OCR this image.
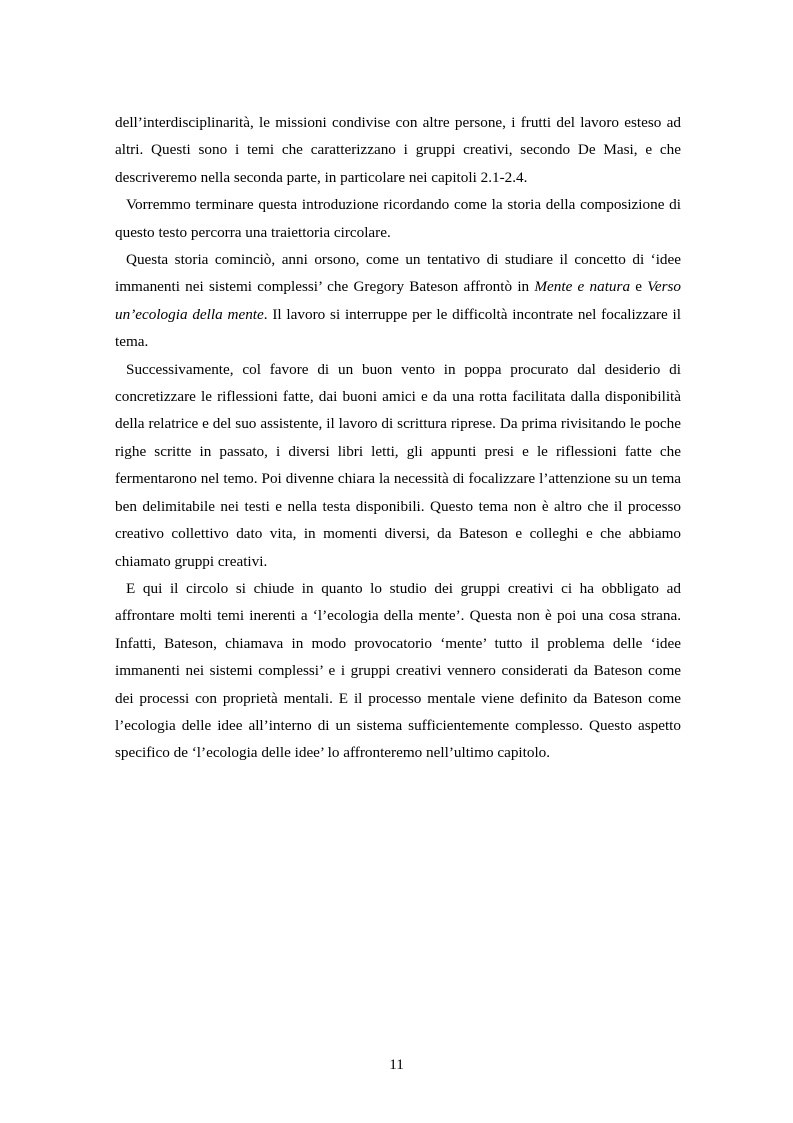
dell’interdisciplinarità, le missioni condivise con altre persone, i frutti del lavoro esteso ad altri. Questi sono i temi che caratterizzano i gruppi creativi, secondo De Masi, e che descriveremo nella seconda parte, in particolare nei capitoli 2.1-2.4.

Vorremmo terminare questa introduzione ricordando come la storia della composizione di questo testo percorra una traiettoria circolare.

Questa storia cominciò, anni orsono, come un tentativo di studiare il concetto di ‘idee immanenti nei sistemi complessi’ che Gregory Bateson affrontò in Mente e natura e Verso un’ecologia della mente. Il lavoro si interruppe per le difficoltà incontrate nel focalizzare il tema.

Successivamente, col favore di un buon vento in poppa procurato dal desiderio di concretizzare le riflessioni fatte, dai buoni amici e da una rotta facilitata dalla disponibilità della relatrice e del suo assistente, il lavoro di scrittura riprese. Da prima rivisitando le poche righe scritte in passato, i diversi libri letti, gli appunti presi e le riflessioni fatte che fermentarono nel temo. Poi divenne chiara la necessità di focalizzare l’attenzione su un tema ben delimitabile nei testi e nella testa disponibili. Questo tema non è altro che il processo creativo collettivo dato vita, in momenti diversi, da Bateson e colleghi e che abbiamo chiamato gruppi creativi.

E qui il circolo si chiude in quanto lo studio dei gruppi creativi ci ha obbligato ad affrontare molti temi inerenti a ‘l’ecologia della mente’. Questa non è poi una cosa strana. Infatti, Bateson, chiamava in modo provocatorio ‘mente’ tutto il problema delle ‘idee immanenti nei sistemi complessi’ e i gruppi creativi vennero considerati da Bateson come dei processi con proprietà mentali. E il processo mentale viene definito da Bateson come l’ecologia delle idee all’interno di un sistema sufficientemente complesso. Questo aspetto specifico de ‘l’ecologia delle idee’ lo affronteremo nell’ultimo capitolo.

11
